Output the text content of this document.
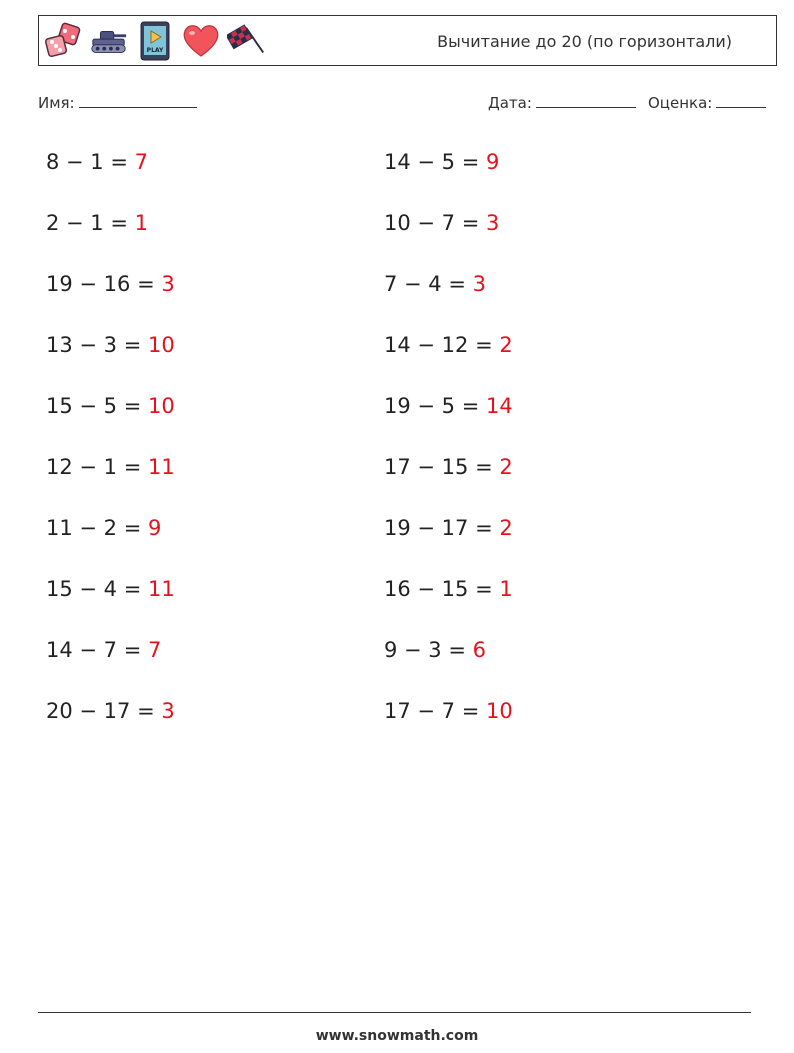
PLAY	Вычитание до 20 (по горизонтали)
Имя:	Дата:	Оценка:
8 − 1 = 7
2 − 1 = 1
19 − 16 = 3
13 − 3 = 10
15 − 5 = 10
12 − 1 = 11
11 − 2 = 9
15 − 4 = 11
14 − 7 = 7
20 − 17 = 3
14 − 5 = 9
10 − 7 = 3
7 − 4 = 3
14 − 12 = 2
19 − 5 = 14
17 − 15 = 2
19 − 17 = 2
16 − 15 = 1
9 − 3 = 6
17 − 7 = 10
www.snowmath.com
